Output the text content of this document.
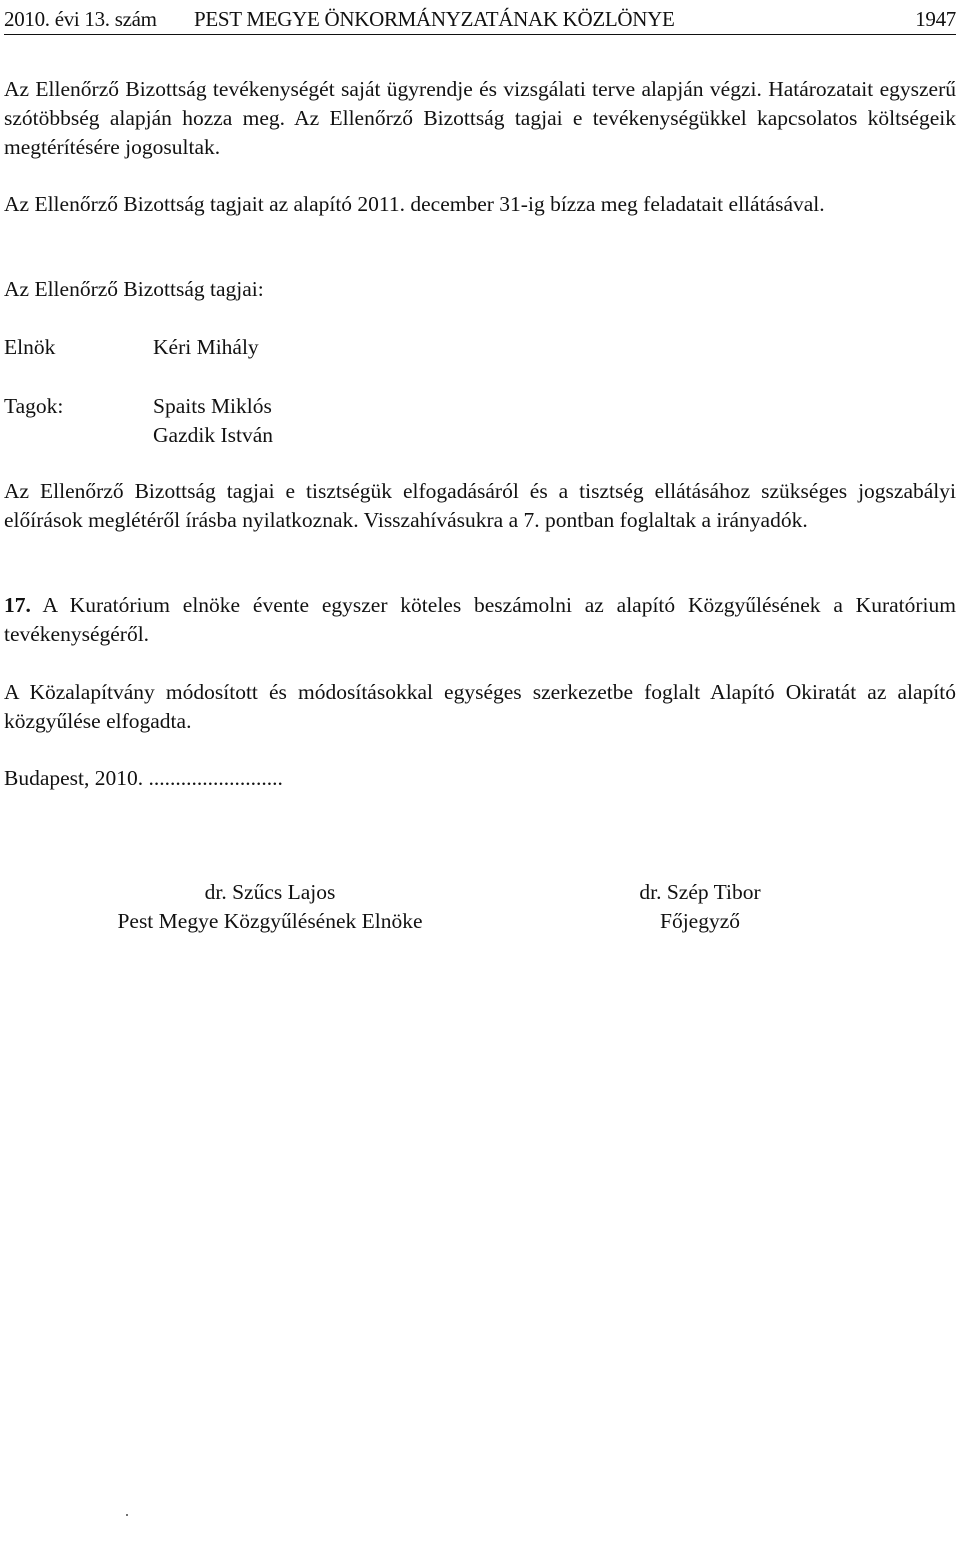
2010. évi 13. szám PEST MEGYE ÖNKORMÁNYZATÁNAK KÖZLÖNYE	1947

Az Ellenőrző Bizottság tevékenységét saját ügyrendje és vizsgálati terve alapján végzi. Határozatait egyszerű szótöbbség alapján hozza meg. Az Ellenőrző Bizottság tagjai e tevékenységükkel kapcsolatos költségeik megtérítésére jogosultak.

Az Ellenőrző Bizottság tagjait az alapító 2011. december 31-ig bízza meg feladatait ellátásával.

Az Ellenőrző Bizottság tagjai:
Elnök	Kéri Mihály
Tagok:	Spaits Miklós
Gazdik István

Az Ellenőrző Bizottság tagjai e tisztségük elfogadásáról és a tisztség ellátásához szükséges jogszabályi előírások meglétéről írásba nyilatkoznak. Visszahívásukra a 7. pontban foglaltak a irányadók.

17. A Kuratórium elnöke évente egyszer köteles beszámolni az alapító Közgyűlésének a Kuratórium tevékenységéről.

A Közalapítvány módosított és módosításokkal egységes szerkezetbe foglalt Alapító Okiratát az alapító közgyűlése elfogadta.

Budapest, 2010. .........................
dr. Szűcs Lajos
Pest Megye Közgyűlésének Elnöke
dr. Szép Tibor
Főjegyző
